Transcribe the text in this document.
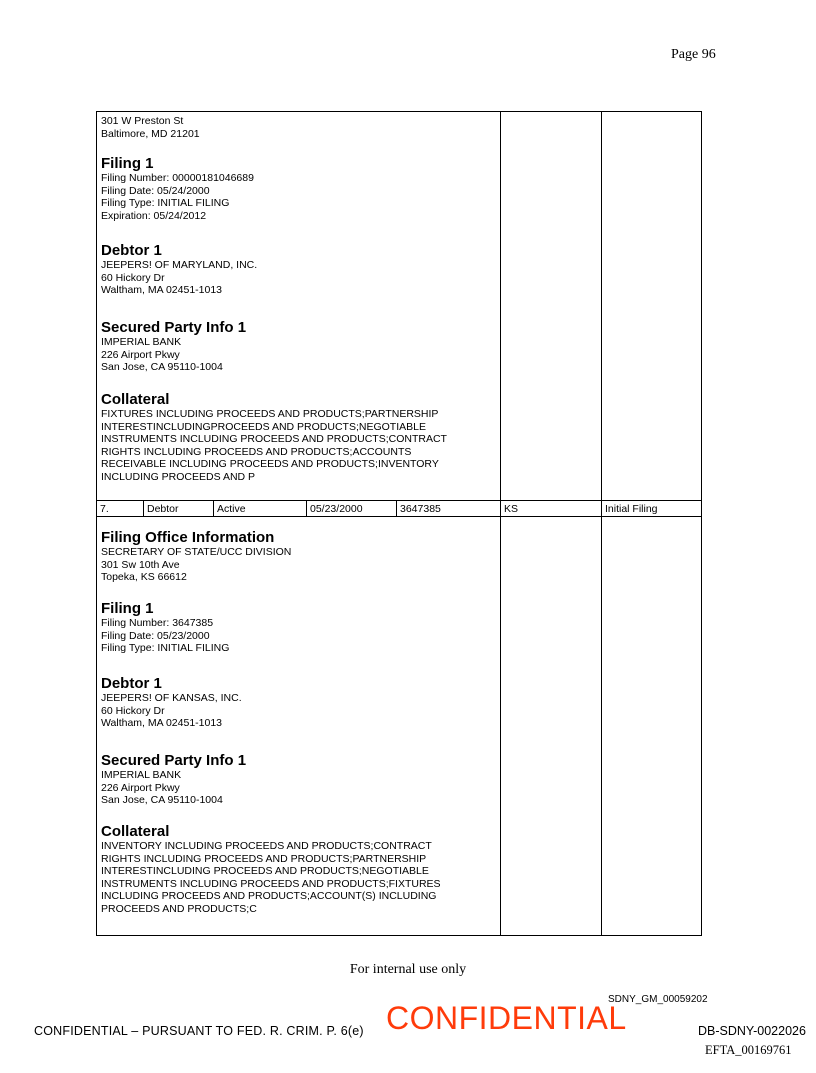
Page 96
301 W Preston St
Baltimore, MD 21201
Filing 1
Filing Number: 00000181046689
Filing Date: 05/24/2000
Filing Type: INITIAL FILING
Expiration: 05/24/2012
Debtor 1
JEEPERS! OF MARYLAND, INC.
60 Hickory Dr
Waltham, MA 02451-1013
Secured Party Info 1
IMPERIAL BANK
226 Airport Pkwy
San Jose, CA 95110-1004
Collateral
FIXTURES INCLUDING PROCEEDS AND PRODUCTS;PARTNERSHIP
INTERESTINCLUDINGPROCEEDS AND PRODUCTS;NEGOTIABLE
INSTRUMENTS INCLUDING PROCEEDS AND PRODUCTS;CONTRACT
RIGHTS INCLUDING PROCEEDS AND PRODUCTS;ACCOUNTS
RECEIVABLE INCLUDING PROCEEDS AND PRODUCTS;INVENTORY
INCLUDING PROCEEDS AND P
7.	Debtor	Active	05/23/2000	3647385	KS	Initial Filing
Filing Office Information
SECRETARY OF STATE/UCC DIVISION
301 Sw 10th Ave
Topeka, KS 66612
Filing 1
Filing Number: 3647385
Filing Date: 05/23/2000
Filing Type: INITIAL FILING
Debtor 1
JEEPERS! OF KANSAS, INC.
60 Hickory Dr
Waltham, MA 02451-1013
Secured Party Info 1
IMPERIAL BANK
226 Airport Pkwy
San Jose, CA 95110-1004
Collateral
INVENTORY INCLUDING PROCEEDS AND PRODUCTS;CONTRACT
RIGHTS INCLUDING PROCEEDS AND PRODUCTS;PARTNERSHIP
INTERESTINCLUDING PROCEEDS AND PRODUCTS;NEGOTIABLE
INSTRUMENTS INCLUDING PROCEEDS AND PRODUCTS;FIXTURES
INCLUDING PROCEEDS AND PRODUCTS;ACCOUNT(S) INCLUDING
PROCEEDS AND PRODUCTS;C
For internal use only
SDNY_GM_00059202
CONFIDENTIAL – PURSUANT TO FED. R. CRIM. P. 6(e) CONFIDENTIAL	DB-SDNY-0022026
EFTA_00169761
